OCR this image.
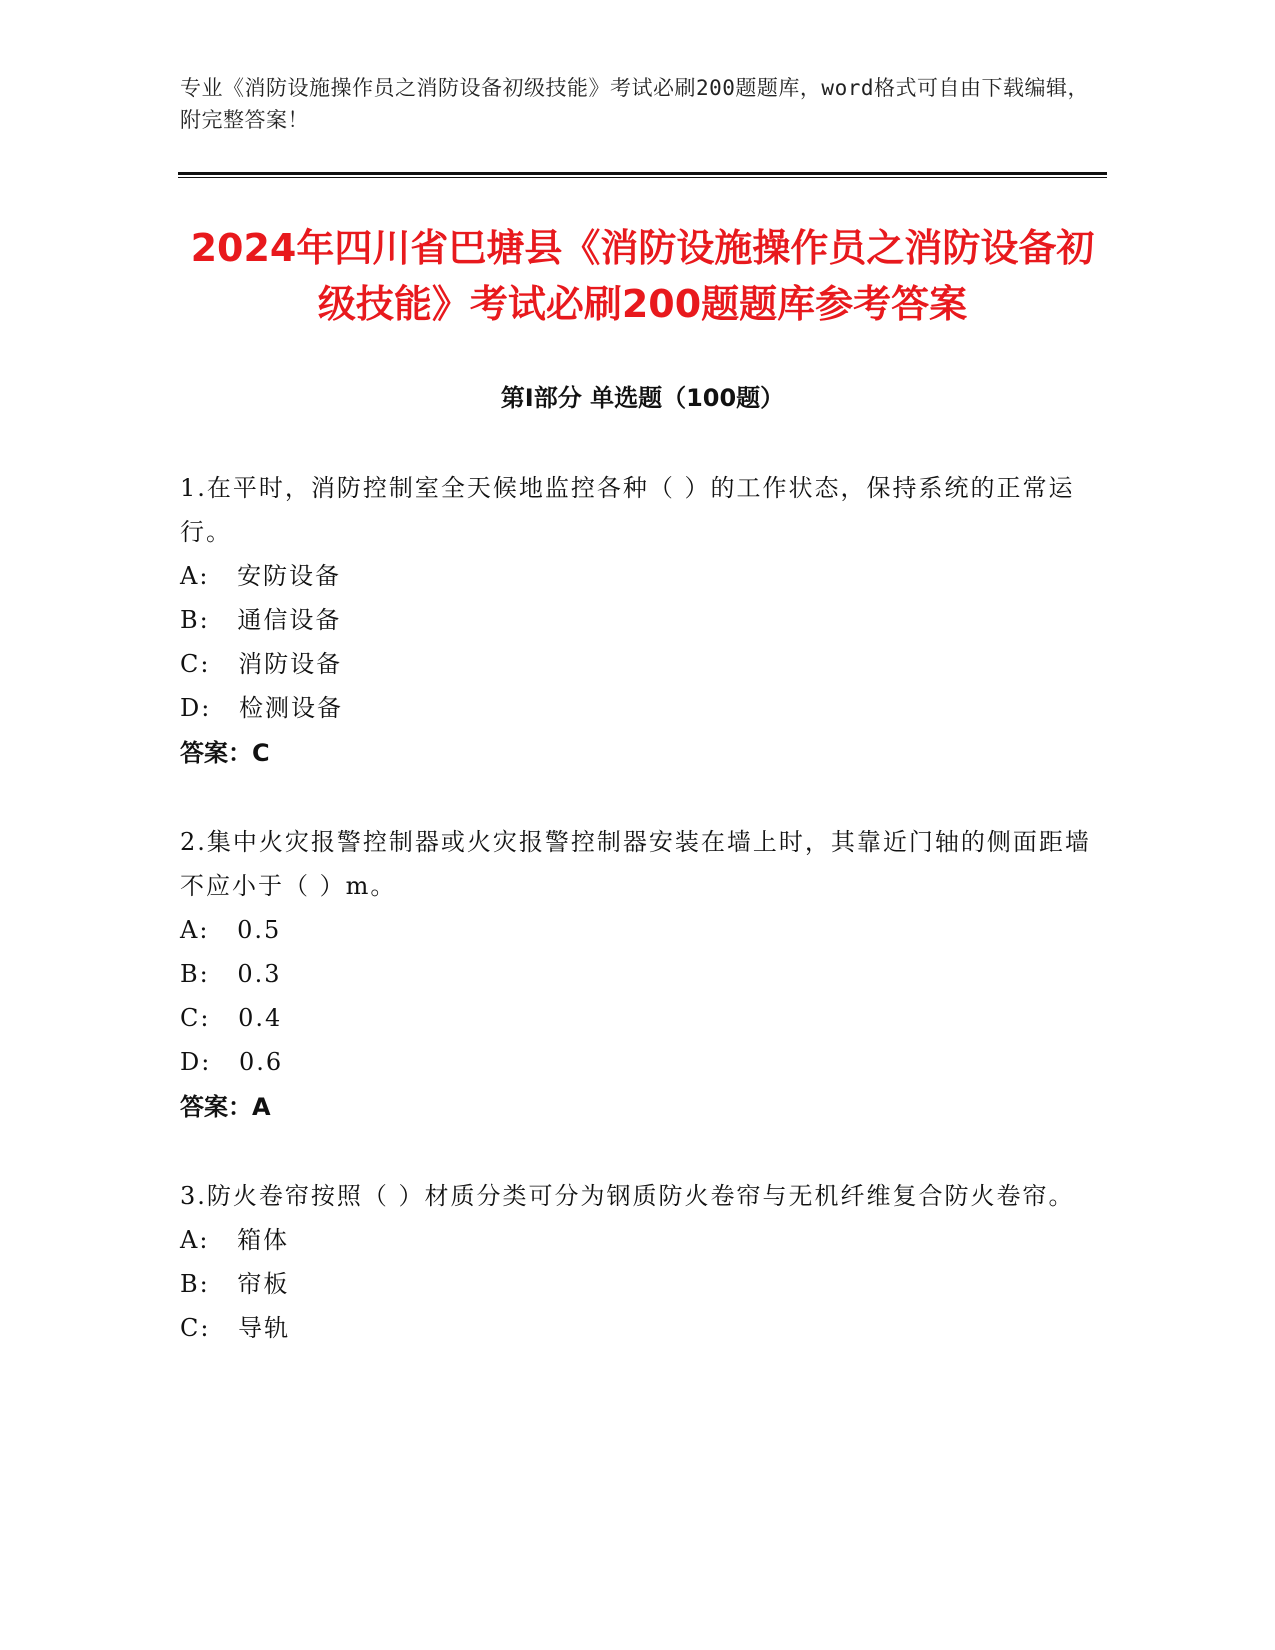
专业《消防设施操作员之消防设备初级技能》考试必刷200题题库，word格式可自由下载编辑，附完整答案！
2024年四川省巴塘县《消防设施操作员之消防设备初级技能》考试必刷200题题库参考答案
第I部分 单选题（100题）
1.在平时，消防控制室全天候地监控各种（ ）的工作状态，保持系统的正常运行。
A: 安防设备
B: 通信设备
C: 消防设备
D: 检测设备
答案：C
2.集中火灾报警控制器或火灾报警控制器安装在墙上时，其靠近门轴的侧面距墙不应小于（ ）m。
A: 0.5
B: 0.3
C: 0.4
D: 0.6
答案：A
3.防火卷帘按照（ ）材质分类可分为钢质防火卷帘与无机纤维复合防火卷帘。
A: 箱体
B: 帘板
C: 导轨
